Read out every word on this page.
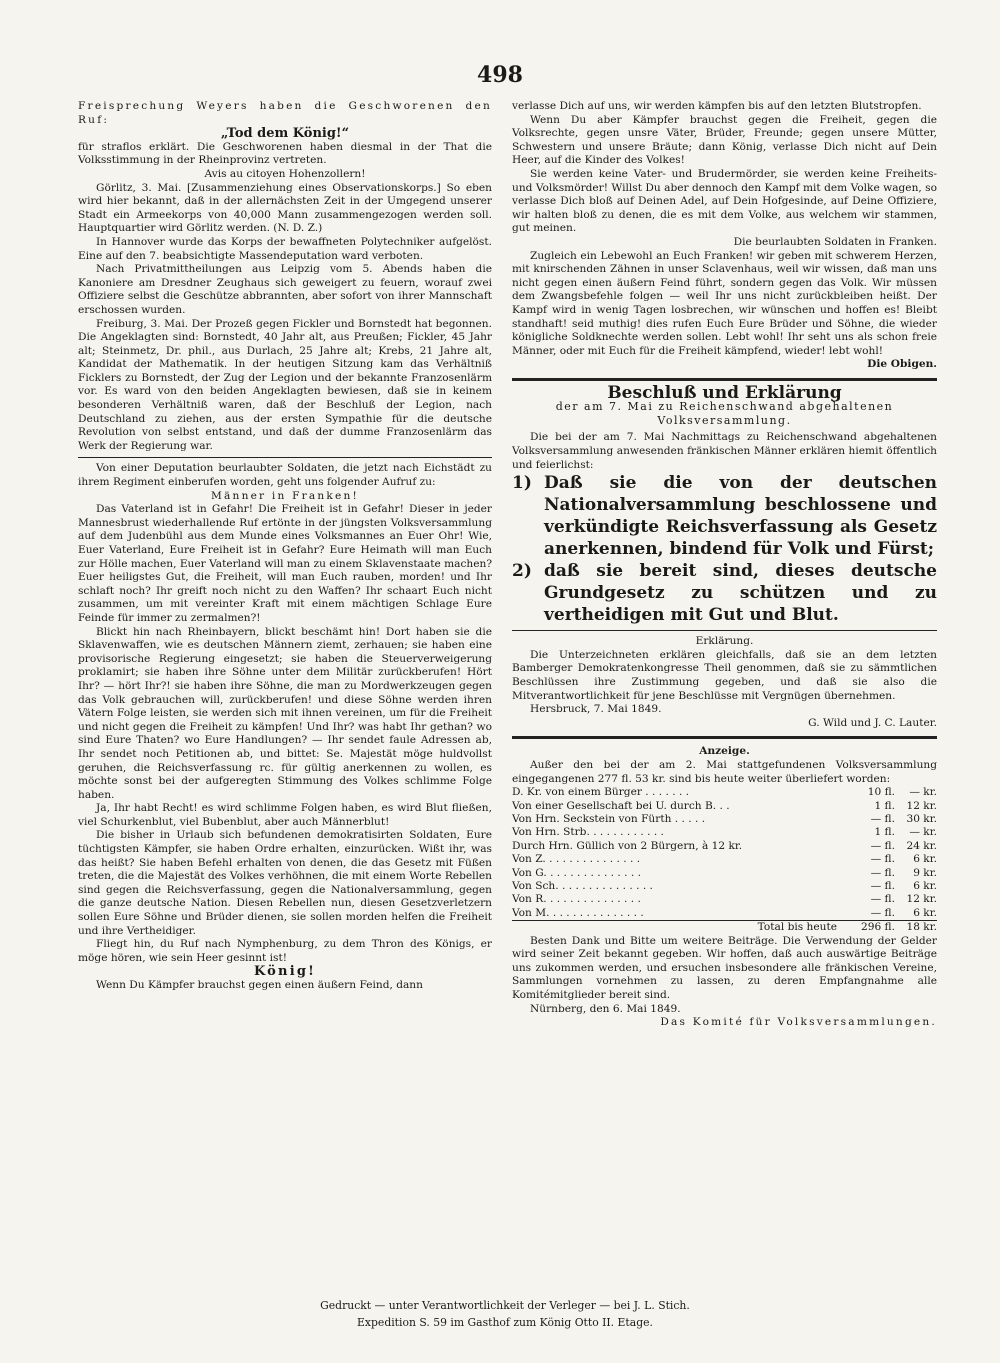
498

Freisprechung Weyers haben die Geschworenen den Ruf:

„Tod dem König!“

für straflos erklärt. Die Geschworenen haben diesmal in der That die Volksstimmung in der Rheinprovinz vertreten.

Avis au citoyen Hohenzollern!

Görlitz, 3. Mai. [Zusammenziehung eines Observationskorps.] So eben wird hier bekannt, daß in der allernächsten Zeit in der Umgegend unserer Stadt ein Armeekorps von 40,000 Mann zusammengezogen werden soll. Hauptquartier wird Görlitz werden. (N. D. Z.)

In Hannover wurde das Korps der bewaffneten Polytechniker aufgelöst. Eine auf den 7. beabsichtigte Massendeputation ward verboten.

Nach Privatmittheilungen aus Leipzig vom 5. Abends haben die Kanoniere am Dresdner Zeughaus sich geweigert zu feuern, worauf zwei Offiziere selbst die Geschütze abbrannten, aber sofort von ihrer Mannschaft erschossen wurden.

Freiburg, 3. Mai. Der Prozeß gegen Fickler und Bornstedt hat begonnen. Die Angeklagten sind: Bornstedt, 40 Jahr alt, aus Preußen; Fickler, 45 Jahr alt; Steinmetz, Dr. phil., aus Durlach, 25 Jahre alt; Krebs, 21 Jahre alt, Kandidat der Mathematik. In der heutigen Sitzung kam das Verhältniß Ficklers zu Bornstedt, der Zug der Legion und der bekannte Franzosenlärm vor. Es ward von den beiden Angeklagten bewiesen, daß sie in keinem besonderen Verhältniß waren, daß der Beschluß der Legion, nach Deutschland zu ziehen, aus der ersten Sympathie für die deutsche Revolution von selbst entstand, und daß der dumme Franzosenlärm das Werk der Regierung war.

Von einer Deputation beurlaubter Soldaten, die jetzt nach Eichstädt zu ihrem Regiment einberufen worden, geht uns folgender Aufruf zu:

Männer in Franken!

Das Vaterland ist in Gefahr! Die Freiheit ist in Gefahr! Dieser in jeder Mannesbrust wiederhallende Ruf ertönte in der jüngsten Volksversammlung auf dem Judenbühl aus dem Munde eines Volksmannes an Euer Ohr! Wie, Euer Vaterland, Eure Freiheit ist in Gefahr? Eure Heimath will man Euch zur Hölle machen, Euer Vaterland will man zu einem Sklavenstaate machen? Euer heiligstes Gut, die Freiheit, will man Euch rauben, morden! und Ihr schlaft noch? Ihr greift noch nicht zu den Waffen? Ihr schaart Euch nicht zusammen, um mit vereinter Kraft mit einem mächtigen Schlage Eure Feinde für immer zu zermalmen?!

Blickt hin nach Rheinbayern, blickt beschämt hin! Dort haben sie die Sklavenwaffen, wie es deutschen Männern ziemt, zerhauen; sie haben eine provisorische Regierung eingesetzt; sie haben die Steuerverweigerung proklamirt; sie haben ihre Söhne unter dem Militär zurückberufen! Hört Ihr? — hört Ihr?! sie haben ihre Söhne, die man zu Mordwerkzeugen gegen das Volk gebrauchen will, zurückberufen! und diese Söhne werden ihren Vätern Folge leisten, sie werden sich mit ihnen vereinen, um für die Freiheit und nicht gegen die Freiheit zu kämpfen! Und Ihr? was habt Ihr gethan? wo sind Eure Thaten? wo Eure Handlungen? — Ihr sendet faule Adressen ab, Ihr sendet noch Petitionen ab, und bittet: Se. Majestät möge huldvollst geruhen, die Reichsverfassung rc. für gültig anerkennen zu wollen, es möchte sonst bei der aufgeregten Stimmung des Volkes schlimme Folge haben.

Ja, Ihr habt Recht! es wird schlimme Folgen haben, es wird Blut fließen, viel Schurkenblut, viel Bubenblut, aber auch Männerblut!

Die bisher in Urlaub sich befundenen demokratisirten Soldaten, Eure tüchtigsten Kämpfer, sie haben Ordre erhalten, einzurücken. Wißt ihr, was das heißt? Sie haben Befehl erhalten von denen, die das Gesetz mit Füßen treten, die die Majestät des Volkes verhöhnen, die mit einem Worte Rebellen sind gegen die Reichsverfassung, gegen die Nationalversammlung, gegen die ganze deutsche Nation. Diesen Rebellen nun, diesen Gesetzverletzern sollen Eure Söhne und Brüder dienen, sie sollen morden helfen die Freiheit und ihre Vertheidiger.

Fliegt hin, du Ruf nach Nymphenburg, zu dem Thron des Königs, er möge hören, wie sein Heer gesinnt ist!

König!

Wenn Du Kämpfer brauchst gegen einen äußern Feind, dann

verlasse Dich auf uns, wir werden kämpfen bis auf den letzten Blutstropfen.

Wenn Du aber Kämpfer brauchst gegen die Freiheit, gegen die Volksrechte, gegen unsre Väter, Brüder, Freunde; gegen unsere Mütter, Schwestern und unsere Bräute; dann König, verlasse Dich nicht auf Dein Heer, auf die Kinder des Volkes!

Sie werden keine Vater- und Brudermörder, sie werden keine Freiheits- und Volksmörder! Willst Du aber dennoch den Kampf mit dem Volke wagen, so verlasse Dich bloß auf Deinen Adel, auf Dein Hofgesinde, auf Deine Offiziere, wir halten bloß zu denen, die es mit dem Volke, aus welchem wir stammen, gut meinen.

Die beurlaubten Soldaten in Franken.

Zugleich ein Lebewohl an Euch Franken! wir geben mit schwerem Herzen, mit knirschenden Zähnen in unser Sclavenhaus, weil wir wissen, daß man uns nicht gegen einen äußern Feind führt, sondern gegen das Volk. Wir müssen dem Zwangsbefehle folgen — weil Ihr uns nicht zurückbleiben heißt. Der Kampf wird in wenig Tagen losbrechen, wir wünschen und hoffen es! Bleibt standhaft! seid muthig! dies rufen Euch Eure Brüder und Söhne, die wieder königliche Soldknechte werden sollen. Lebt wohl! Ihr seht uns als schon freie Männer, oder mit Euch für die Freiheit kämpfend, wieder! lebt wohl!

Die Obigen.

Beschluß und Erklärung
der am 7. Mai zu Reichenschwand abgehaltenen Volksversammlung.

Die bei der am 7. Mai Nachmittags zu Reichenschwand abgehaltenen Volksversammlung anwesenden fränkischen Männer erklären hiemit öffentlich und feierlichst:

1) Daß sie die von der deutschen Nationalversammlung beschlossene und verkündigte Reichsverfassung als Gesetz anerkennen, bindend für Volk und Fürst;
2) daß sie bereit sind, dieses deutsche Grundgesetz zu schützen und zu vertheidigen mit Gut und Blut.

Erklärung.

Die Unterzeichneten erklären gleichfalls, daß sie an dem letzten Bamberger Demokratenkongresse Theil genommen, daß sie zu sämmtlichen Beschlüssen ihre Zustimmung gegeben, und daß sie also die Mitverantwortlichkeit für jene Beschlüsse mit Vergnügen übernehmen.

Hersbruck, 7. Mai 1849.

G. Wild und J. C. Lauter.

Anzeige.

Außer den bei der am 2. Mai stattgefundenen Volksversammlung eingegangenen 277 fl. 53 kr. sind bis heute weiter überliefert worden:

D. Kr. von einem Bürger . . . . . . .	10 fl.	— kr.
Von einer Gesellschaft bei U. durch B. . .	1 fl.	12 kr.
Von Hrn. Seckstein von Fürth . . . . .	— fl.	30 kr.
Von Hrn. Strb. . . . . . . . . . . .	1 fl.	— kr.
Durch Hrn. Güllich von 2 Bürgern, à 12 kr.	— fl.	24 kr.
Von Z. . . . . . . . . . . . . . .	— fl.	6 kr.
Von G. . . . . . . . . . . . . . .	— fl.	9 kr.
Von Sch. . . . . . . . . . . . . . .	— fl.	6 kr.
Von R. . . . . . . . . . . . . . .	— fl.	12 kr.
Von M. . . . . . . . . . . . . . .	— fl.	6 kr.
Total bis heute	296 fl.	18 kr.

Besten Dank und Bitte um weitere Beiträge. Die Verwendung der Gelder wird seiner Zeit bekannt gegeben. Wir hoffen, daß auch auswärtige Beiträge uns zukommen werden, und ersuchen insbesondere alle fränkischen Vereine, Sammlungen vornehmen zu lassen, zu deren Empfangnahme alle Komitémitglieder bereit sind.

Nürnberg, den 6. Mai 1849.

Das Komité für Volksversammlungen.

Gedruckt — unter Verantwortlichkeit der Verleger — bei J. L. Stich.
Expedition S. 59 im Gasthof zum König Otto II. Etage.
